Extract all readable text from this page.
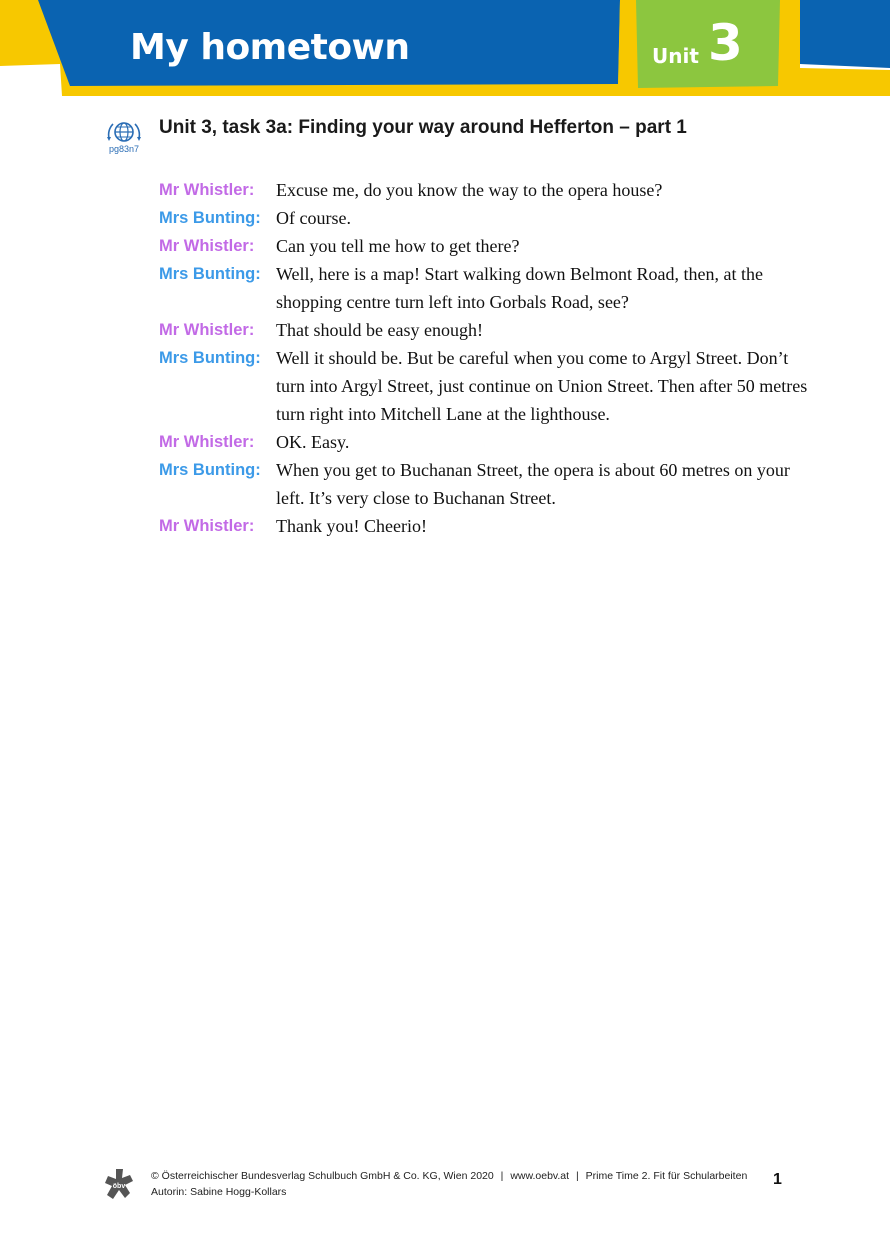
My hometown	Unit 3
pg83n7
Unit 3, task 3a: Finding your way around Hefferton – part 1
Mr Whistler:	Excuse me, do you know the way to the opera house?
Mrs Bunting: Of course.
Mr Whistler:	Can you tell me how to get there?
Mrs Bunting: Well, here is a map! Start walking down Belmont Road, then, at the shopping centre turn left into Gorbals Road, see?
Mr Whistler:	That should be easy enough!
Mrs Bunting: Well it should be. But be careful when you come to Argyl Street. Don’t turn into Argyl Street, just continue on Union Street. Then after 50 metres turn right into Mitchell Lane at the lighthouse.
Mr Whistler:	OK. Easy.
Mrs Bunting: When you get to Buchanan Street, the opera is about 60 metres on your left. It’s very close to Buchanan Street.
Mr Whistler:	Thank you! Cheerio!
öbv
© Österreichischer Bundesverlag Schulbuch GmbH & Co. KG, Wien 2020 | www.oebv.at | Prime Time 2. Fit für Schularbeiten
Autorin: Sabine Hogg-Kollars
1
